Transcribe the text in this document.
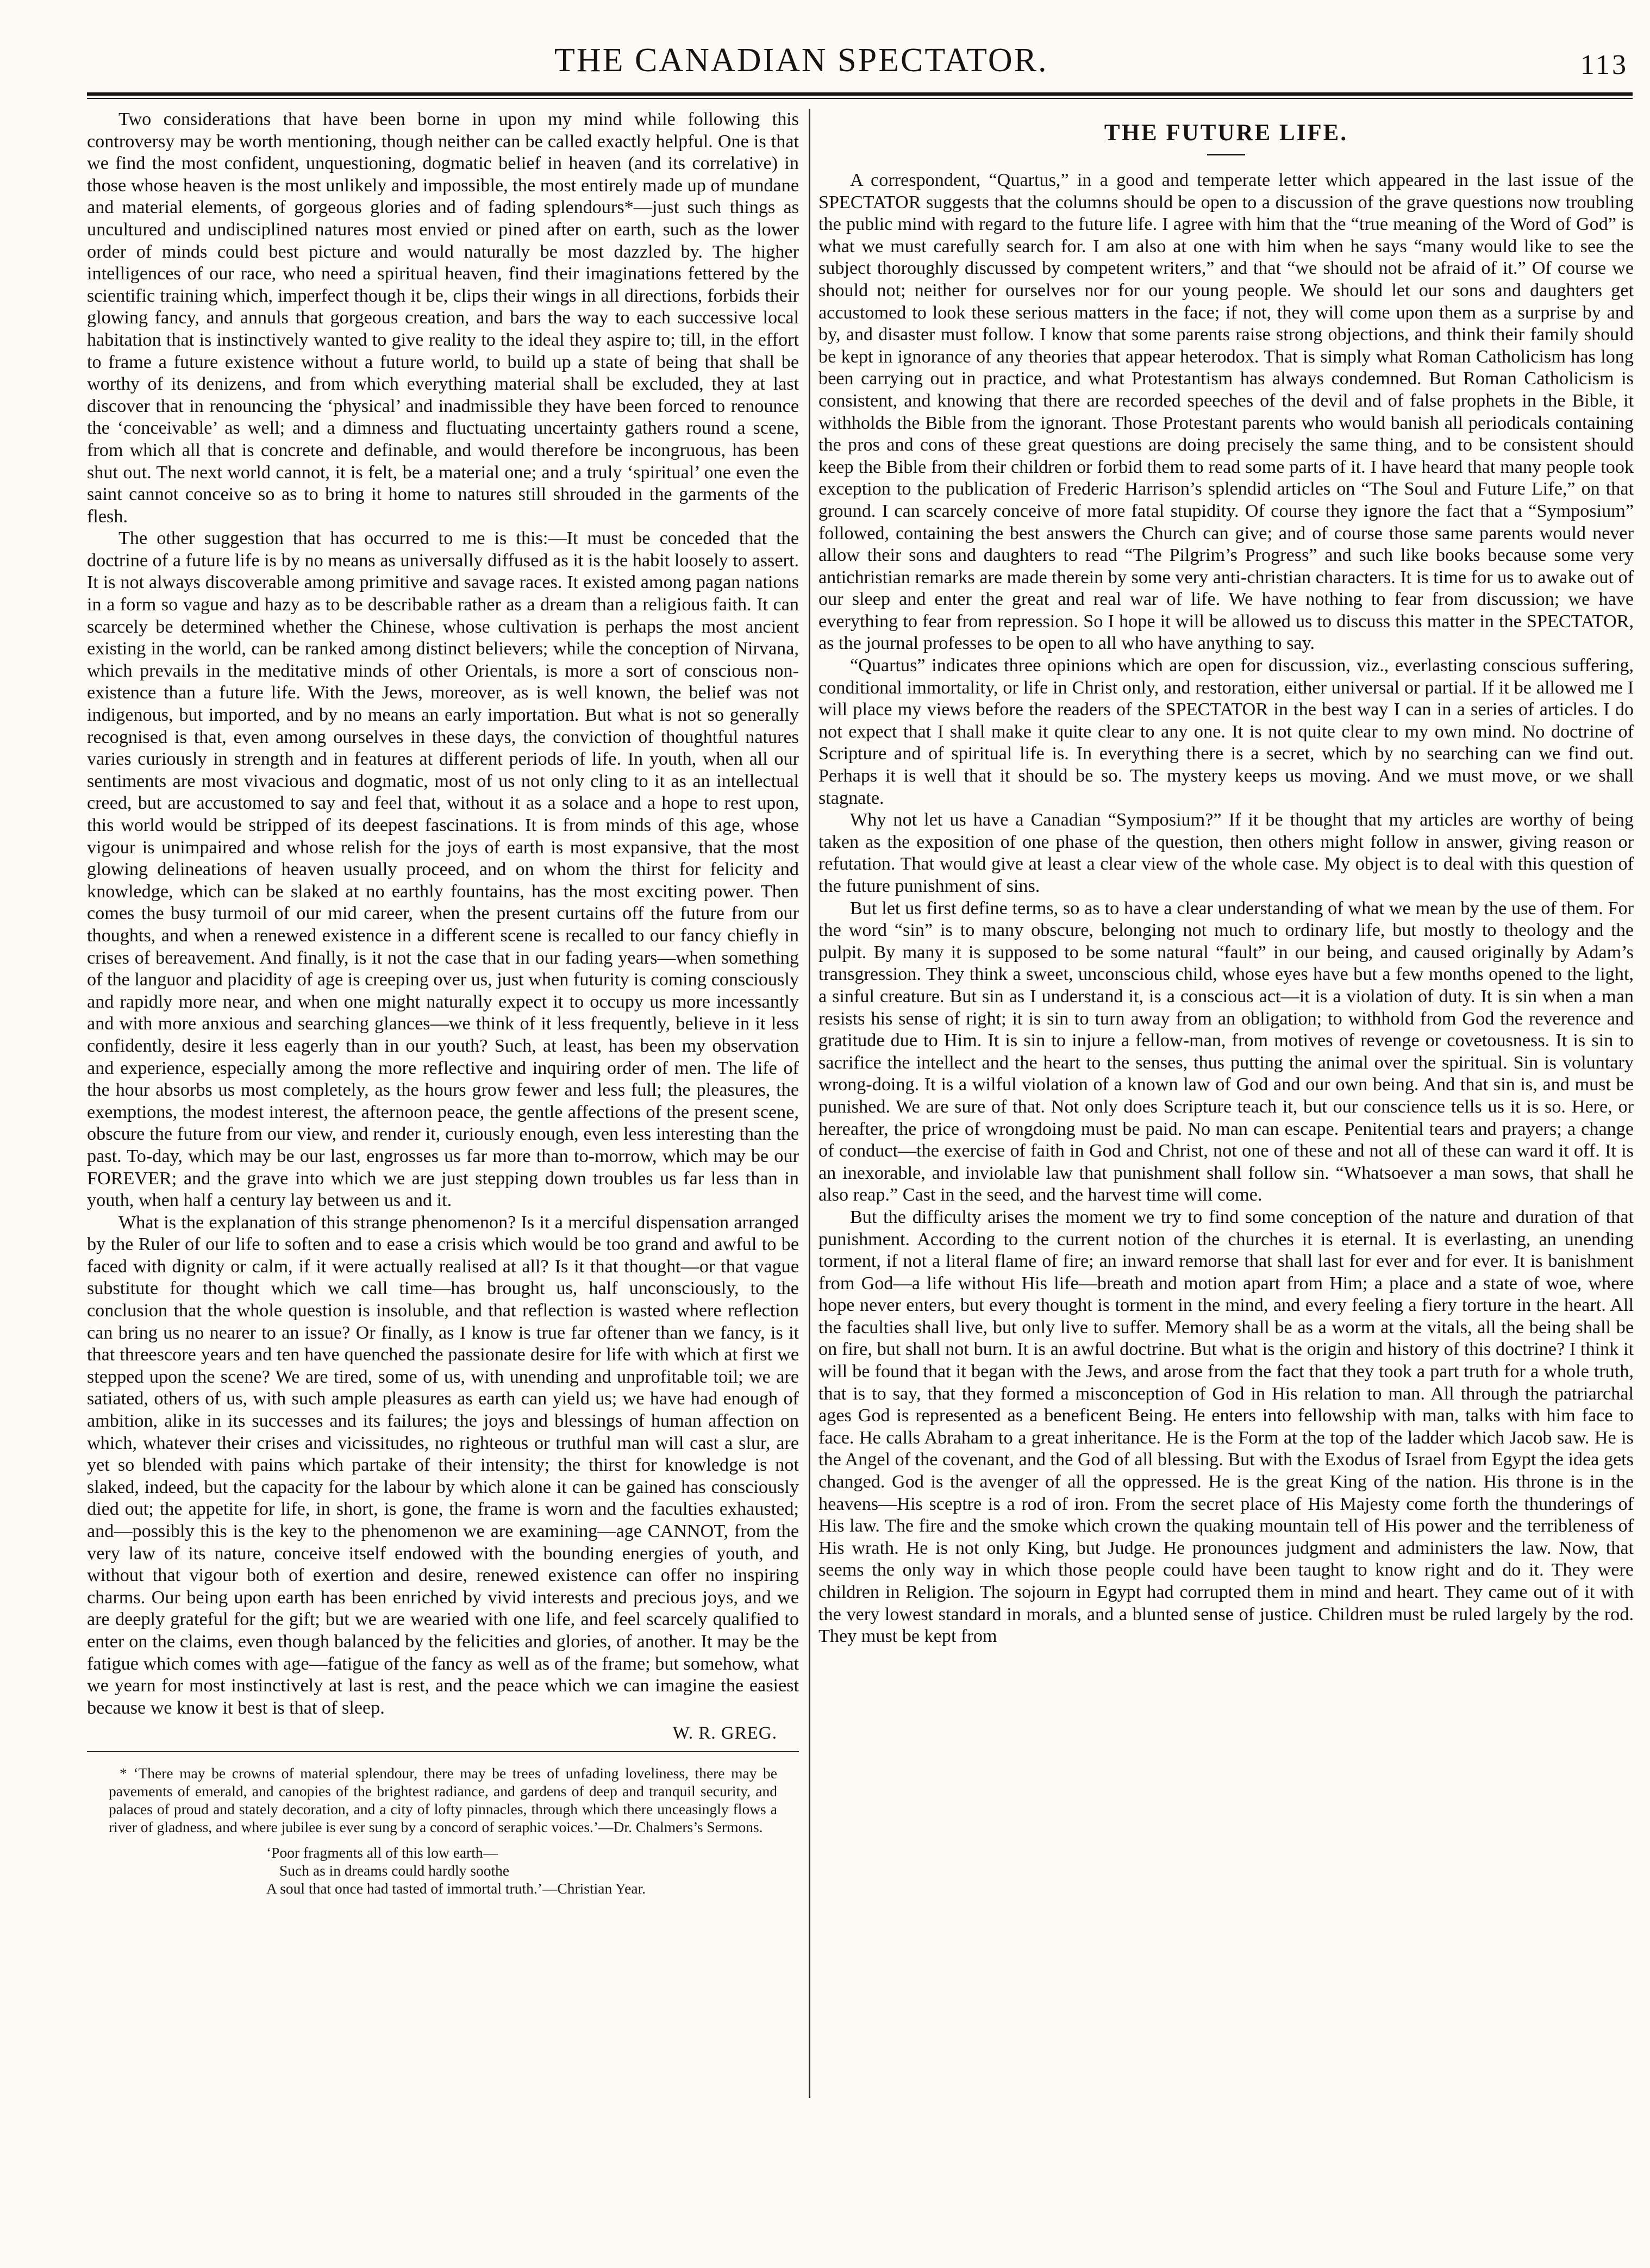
THE CANADIAN SPECTATOR.	113

Two considerations that have been borne in upon my mind while following this controversy may be worth mentioning, though neither can be called exactly helpful. One is that we find the most confident, unquestioning, dogmatic belief in heaven (and its correlative) in those whose heaven is the most unlikely and impossible, the most entirely made up of mundane and material elements, of gorgeous glories and of fading splendours*—just such things as uncultured and undisciplined natures most envied or pined after on earth, such as the lower order of minds could best picture and would naturally be most dazzled by. The higher intelligences of our race, who need a spiritual heaven, find their imaginations fettered by the scientific training which, imperfect though it be, clips their wings in all directions, forbids their glowing fancy, and annuls that gorgeous creation, and bars the way to each successive local habitation that is instinctively wanted to give reality to the ideal they aspire to; till, in the effort to frame a future existence without a future world, to build up a state of being that shall be worthy of its denizens, and from which everything material shall be excluded, they at last discover that in renouncing the ‘physical’ and inadmissible they have been forced to renounce the ‘conceivable’ as well; and a dimness and fluctuating uncertainty gathers round a scene, from which all that is concrete and definable, and would therefore be incongruous, has been shut out. The next world cannot, it is felt, be a material one; and a truly ‘spiritual’ one even the saint cannot conceive so as to bring it home to natures still shrouded in the garments of the flesh.

The other suggestion that has occurred to me is this:—It must be conceded that the doctrine of a future life is by no means as universally diffused as it is the habit loosely to assert. It is not always discoverable among primitive and savage races. It existed among pagan nations in a form so vague and hazy as to be describable rather as a dream than a religious faith. It can scarcely be determined whether the Chinese, whose cultivation is perhaps the most ancient existing in the world, can be ranked among distinct believers; while the conception of Nirvana, which prevails in the meditative minds of other Orientals, is more a sort of conscious non-existence than a future life. With the Jews, moreover, as is well known, the belief was not indigenous, but imported, and by no means an early importation. But what is not so generally recognised is that, even among ourselves in these days, the conviction of thoughtful natures varies curiously in strength and in features at different periods of life. In youth, when all our sentiments are most vivacious and dogmatic, most of us not only cling to it as an intellectual creed, but are accustomed to say and feel that, without it as a solace and a hope to rest upon, this world would be stripped of its deepest fascinations. It is from minds of this age, whose vigour is unimpaired and whose relish for the joys of earth is most expansive, that the most glowing delineations of heaven usually proceed, and on whom the thirst for felicity and knowledge, which can be slaked at no earthly fountains, has the most exciting power. Then comes the busy turmoil of our mid career, when the present curtains off the future from our thoughts, and when a renewed existence in a different scene is recalled to our fancy chiefly in crises of bereavement. And finally, is it not the case that in our fading years—when something of the languor and placidity of age is creeping over us, just when futurity is coming consciously and rapidly more near, and when one might naturally expect it to occupy us more incessantly and with more anxious and searching glances—we think of it less frequently, believe in it less confidently, desire it less eagerly than in our youth? Such, at least, has been my observation and experience, especially among the more reflective and inquiring order of men. The life of the hour absorbs us most completely, as the hours grow fewer and less full; the pleasures, the exemptions, the modest interest, the afternoon peace, the gentle affections of the present scene, obscure the future from our view, and render it, curiously enough, even less interesting than the past. To-day, which may be our last, engrosses us far more than to-morrow, which may be our FOREVER; and the grave into which we are just stepping down troubles us far less than in youth, when half a century lay between us and it.

What is the explanation of this strange phenomenon? Is it a merciful dispensation arranged by the Ruler of our life to soften and to ease a crisis which would be too grand and awful to be faced with dignity or calm, if it were actually realised at all? Is it that thought—or that vague substitute for thought which we call time—has brought us, half unconsciously, to the conclusion that the whole question is insoluble, and that reflection is wasted where reflection can bring us no nearer to an issue? Or finally, as I know is true far oftener than we fancy, is it that threescore years and ten have quenched the passionate desire for life with which at first we stepped upon the scene? We are tired, some of us, with unending and unprofitable toil; we are satiated, others of us, with such ample pleasures as earth can yield us; we have had enough of ambition, alike in its successes and its failures; the joys and blessings of human affection on which, whatever their crises and vicissitudes, no righteous or truthful man will cast a slur, are yet so blended with pains which partake of their intensity; the thirst for knowledge is not slaked, indeed, but the capacity for the labour by which alone it can be gained has consciously died out; the appetite for life, in short, is gone, the frame is worn and the faculties exhausted; and—possibly this is the key to the phenomenon we are examining—age CANNOT, from the very law of its nature, conceive itself endowed with the bounding energies of youth, and without that vigour both of exertion and desire, renewed existence can offer no inspiring charms. Our being upon earth has been enriched by vivid interests and precious joys, and we are deeply grateful for the gift; but we are wearied with one life, and feel scarcely qualified to enter on the claims, even though balanced by the felicities and glories, of another. It may be the fatigue which comes with age—fatigue of the fancy as well as of the frame; but somehow, what we yearn for most instinctively at last is rest, and the peace which we can imagine the easiest because we know it best is that of sleep.

W. R. GREG.

* ‘There may be crowns of material splendour, there may be trees of unfading loveliness, there may be pavements of emerald, and canopies of the brightest radiance, and gardens of deep and tranquil security, and palaces of proud and stately decoration, and a city of lofty pinnacles, through which there unceasingly flows a river of gladness, and where jubilee is ever sung by a concord of seraphic voices.’—Dr. Chalmers’s Sermons.

‘Poor fragments all of this low earth—
Such as in dreams could hardly soothe
A soul that once had tasted of immortal truth.’—Christian Year.
THE FUTURE LIFE.

A correspondent, “Quartus,” in a good and temperate letter which appeared in the last issue of the SPECTATOR suggests that the columns should be open to a discussion of the grave questions now troubling the public mind with regard to the future life. I agree with him that the “true meaning of the Word of God” is what we must carefully search for. I am also at one with him when he says “many would like to see the subject thoroughly discussed by competent writers,” and that “we should not be afraid of it.” Of course we should not; neither for ourselves nor for our young people. We should let our sons and daughters get accustomed to look these serious matters in the face; if not, they will come upon them as a surprise by and by, and disaster must follow. I know that some parents raise strong objections, and think their family should be kept in ignorance of any theories that appear heterodox. That is simply what Roman Catholicism has long been carrying out in practice, and what Protestantism has always condemned. But Roman Catholicism is consistent, and knowing that there are recorded speeches of the devil and of false prophets in the Bible, it withholds the Bible from the ignorant. Those Protestant parents who would banish all periodicals containing the pros and cons of these great questions are doing precisely the same thing, and to be consistent should keep the Bible from their children or forbid them to read some parts of it. I have heard that many people took exception to the publication of Frederic Harrison’s splendid articles on “The Soul and Future Life,” on that ground. I can scarcely conceive of more fatal stupidity. Of course they ignore the fact that a “Symposium” followed, containing the best answers the Church can give; and of course those same parents would never allow their sons and daughters to read “The Pilgrim’s Progress” and such like books because some very antichristian remarks are made therein by some very anti-christian characters. It is time for us to awake out of our sleep and enter the great and real war of life. We have nothing to fear from discussion; we have everything to fear from repression. So I hope it will be allowed us to discuss this matter in the SPECTATOR, as the journal professes to be open to all who have anything to say.

“Quartus” indicates three opinions which are open for discussion, viz., everlasting conscious suffering, conditional immortality, or life in Christ only, and restoration, either universal or partial. If it be allowed me I will place my views before the readers of the SPECTATOR in the best way I can in a series of articles. I do not expect that I shall make it quite clear to any one. It is not quite clear to my own mind. No doctrine of Scripture and of spiritual life is. In everything there is a secret, which by no searching can we find out. Perhaps it is well that it should be so. The mystery keeps us moving. And we must move, or we shall stagnate.

Why not let us have a Canadian “Symposium?” If it be thought that my articles are worthy of being taken as the exposition of one phase of the question, then others might follow in answer, giving reason or refutation. That would give at least a clear view of the whole case. My object is to deal with this question of the future punishment of sins.

But let us first define terms, so as to have a clear understanding of what we mean by the use of them. For the word “sin” is to many obscure, belonging not much to ordinary life, but mostly to theology and the pulpit. By many it is supposed to be some natural “fault” in our being, and caused originally by Adam’s transgression. They think a sweet, unconscious child, whose eyes have but a few months opened to the light, a sinful creature. But sin as I understand it, is a conscious act—it is a violation of duty. It is sin when a man resists his sense of right; it is sin to turn away from an obligation; to withhold from God the reverence and gratitude due to Him. It is sin to injure a fellow-man, from motives of revenge or covetousness. It is sin to sacrifice the intellect and the heart to the senses, thus putting the animal over the spiritual. Sin is voluntary wrong-doing. It is a wilful violation of a known law of God and our own being. And that sin is, and must be punished. We are sure of that. Not only does Scripture teach it, but our conscience tells us it is so. Here, or hereafter, the price of wrongdoing must be paid. No man can escape. Penitential tears and prayers; a change of conduct—the exercise of faith in God and Christ, not one of these and not all of these can ward it off. It is an inexorable, and inviolable law that punishment shall follow sin. “Whatsoever a man sows, that shall he also reap.” Cast in the seed, and the harvest time will come.

But the difficulty arises the moment we try to find some conception of the nature and duration of that punishment. According to the current notion of the churches it is eternal. It is everlasting, an unending torment, if not a literal flame of fire; an inward remorse that shall last for ever and for ever. It is banishment from God—a life without His life—breath and motion apart from Him; a place and a state of woe, where hope never enters, but every thought is torment in the mind, and every feeling a fiery torture in the heart. All the faculties shall live, but only live to suffer. Memory shall be as a worm at the vitals, all the being shall be on fire, but shall not burn. It is an awful doctrine. But what is the origin and history of this doctrine? I think it will be found that it began with the Jews, and arose from the fact that they took a part truth for a whole truth, that is to say, that they formed a misconception of God in His relation to man. All through the patriarchal ages God is represented as a beneficent Being. He enters into fellowship with man, talks with him face to face. He calls Abraham to a great inheritance. He is the Form at the top of the ladder which Jacob saw. He is the Angel of the covenant, and the God of all blessing. But with the Exodus of Israel from Egypt the idea gets changed. God is the avenger of all the oppressed. He is the great King of the nation. His throne is in the heavens—His sceptre is a rod of iron. From the secret place of His Majesty come forth the thunderings of His law. The fire and the smoke which crown the quaking mountain tell of His power and the terribleness of His wrath. He is not only King, but Judge. He pronounces judgment and administers the law. Now, that seems the only way in which those people could have been taught to know right and do it. They were children in Religion. The sojourn in Egypt had corrupted them in mind and heart. They came out of it with the very lowest standard in morals, and a blunted sense of justice. Children must be ruled largely by the rod. They must be kept from
